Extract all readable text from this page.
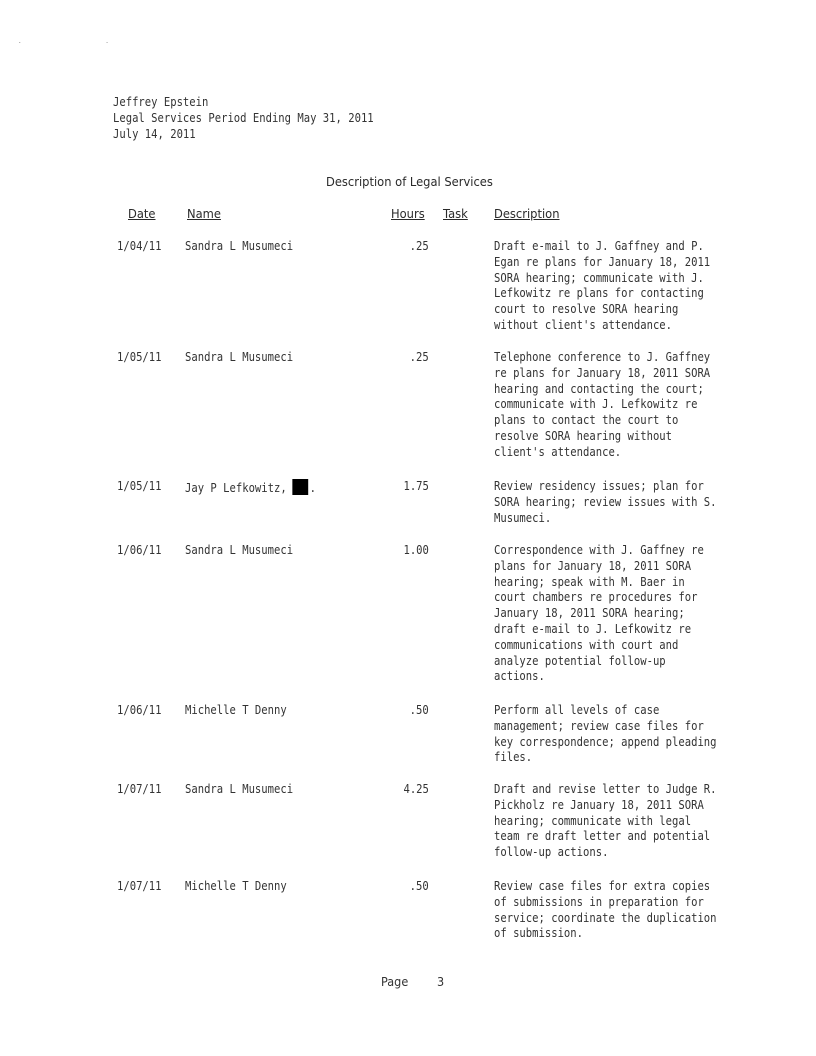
. .
Jeffrey Epstein
Legal Services Period Ending May 31, 2011
July 14, 2011
Description of Legal Services
Date	Name	Hours Task Description
1/04/11 Sandra L Musumeci	.25	Draft e-mail to J. Gaffney and P.
Egan re plans for January 18, 2011
SORA hearing; communicate with J.
Lefkowitz re plans for contacting
court to resolve SORA hearing
without client's attendance.
1/05/11 Sandra L Musumeci	.25	Telephone conference to J. Gaffney
re plans for January 18, 2011 SORA
hearing and contacting the court;
communicate with J. Lefkowitz re
plans to contact the court to
resolve SORA hearing without
client's attendance.
1/05/11 Jay P Lefkowitz, .	1.75	Review residency issues; plan for
SORA hearing; review issues with S.
Musumeci.
1/06/11 Sandra L Musumeci	1.00	Correspondence with J. Gaffney re
plans for January 18, 2011 SORA
hearing; speak with M. Baer in
court chambers re procedures for
January 18, 2011 SORA hearing;
draft e-mail to J. Lefkowitz re
communications with court and
analyze potential follow-up
actions.
1/06/11 Michelle T Denny	.50	Perform all levels of case
management; review case files for
key correspondence; append pleading
files.
1/07/11 Sandra L Musumeci	4.25	Draft and revise letter to Judge R.
Pickholz re January 18, 2011 SORA
hearing; communicate with legal
team re draft letter and potential
follow-up actions.
1/07/11 Michelle T Denny	.50	Review case files for extra copies
of submissions in preparation for
service; coordinate the duplication
of submission.
Page 3
